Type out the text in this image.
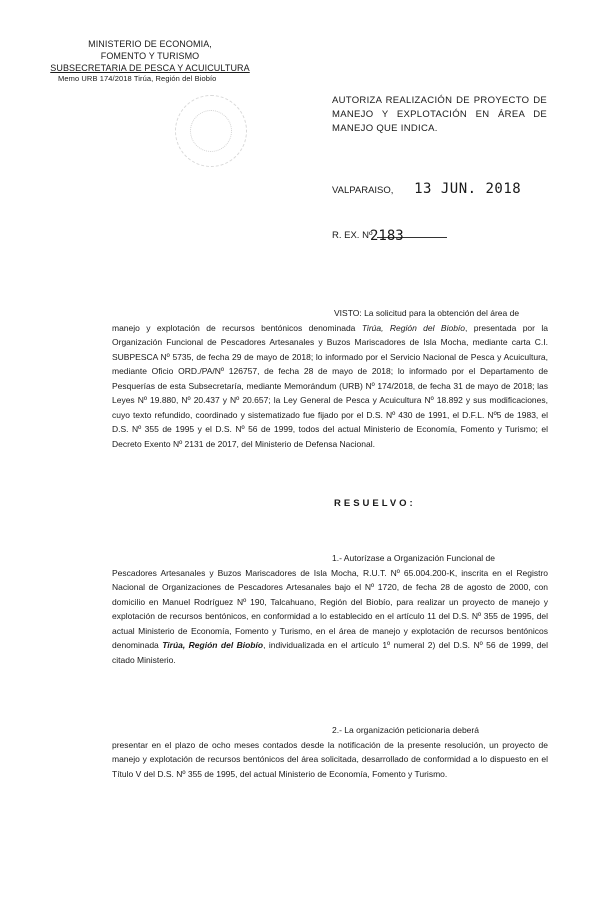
MINISTERIO DE ECONOMIA,
FOMENTO Y TURISMO
SUBSECRETARIA DE PESCA Y ACUICULTURA
Memo URB 174/2018 Tirúa, Región del Biobío
AUTORIZA REALIZACIÓN DE PROYECTO DE MANEJO Y EXPLOTACIÓN EN ÁREA DE MANEJO QUE INDICA.
VALPARAISO, 13 JUN. 2018
R. EX. Nº
2183

VISTO: La solicitud para la obtención del área de

manejo y explotación de recursos bentónicos denominada Tirúa, Región del Biobío, presentada por la Organización Funcional de Pescadores Artesanales y Buzos Mariscadores de Isla Mocha, mediante carta C.I. SUBPESCA Nº 5735, de fecha 29 de mayo de 2018; lo informado por el Servicio Nacional de Pesca y Acuicultura, mediante Oficio ORD./PA/Nº 126757, de fecha 28 de mayo de 2018; lo informado por el Departamento de Pesquerías de esta Subsecretaría, mediante Memorándum (URB) Nº 174/2018, de fecha 31 de mayo de 2018; las Leyes Nº 19.880, Nº 20.437 y Nº 20.657; la Ley General de Pesca y Acuicultura Nº 18.892 y sus modificaciones, cuyo texto refundido, coordinado y sistematizado fue fijado por el D.S. Nº 430 de 1991, el D.F.L. Nº5 de 1983, el D.S. Nº 355 de 1995 y el D.S. Nº 56 de 1999, todos del actual Ministerio de Economía, Fomento y Turismo; el Decreto Exento Nº 2131 de 2017, del Ministerio de Defensa Nacional.

RESUELVO:

1.- Autorízase a Organización Funcional de

Pescadores Artesanales y Buzos Mariscadores de Isla Mocha, R.U.T. Nº 65.004.200-K, inscrita en el Registro Nacional de Organizaciones de Pescadores Artesanales bajo el Nº 1720, de fecha 28 de agosto de 2000, con domicilio en Manuel Rodríguez Nº 190, Talcahuano, Región del Biobío, para realizar un proyecto de manejo y explotación de recursos bentónicos, en conformidad a lo establecido en el artículo 11 del D.S. Nº 355 de 1995, del actual Ministerio de Economía, Fomento y Turismo, en el área de manejo y explotación de recursos bentónicos denominada Tirúa, Región del Biobío, individualizada en el artículo 1º numeral 2) del D.S. Nº 56 de 1999, del citado Ministerio.

2.- La organización peticionaria deberá

presentar en el plazo de ocho meses contados desde la notificación de la presente resolución, un proyecto de manejo y explotación de recursos bentónicos del área solicitada, desarrollado de conformidad a lo dispuesto en el Título V del D.S. Nº 355 de 1995, del actual Ministerio de Economía, Fomento y Turismo.
